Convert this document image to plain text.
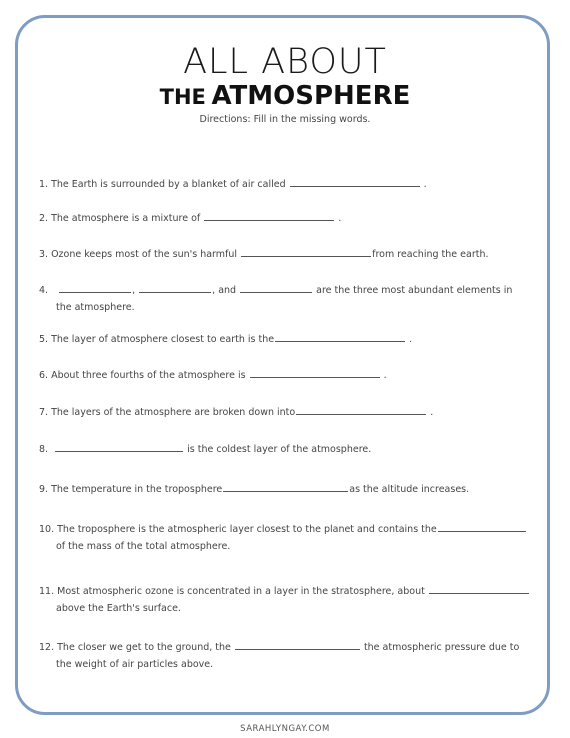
ALL ABOUT
THE ATMOSPHERE
Directions: Fill in the missing words.
1. The Earth is surrounded by a blanket of air called	.
2. The atmosphere is a mixture of	.
3. Ozone keeps most of the sun's harmful	from reaching the earth.
4.	,	, and	are the three most abundant elements in
the atmosphere.
5. The layer of atmosphere closest to earth is the	.
6. About three fourths of the atmosphere is	.
7. The layers of the atmosphere are broken down into	.
8.	is the coldest layer of the atmosphere.
9. The temperature in the troposphere	as the altitude increases.
10. The troposphere is the atmospheric layer closest to the planet and contains the
of the mass of the total atmosphere.
11. Most atmospheric ozone is concentrated in a layer in the stratosphere, about
above the Earth's surface.
12. The closer we get to the ground, the	the atmospheric pressure due to
the weight of air particles above.
SARAHLYNGAY.COM
